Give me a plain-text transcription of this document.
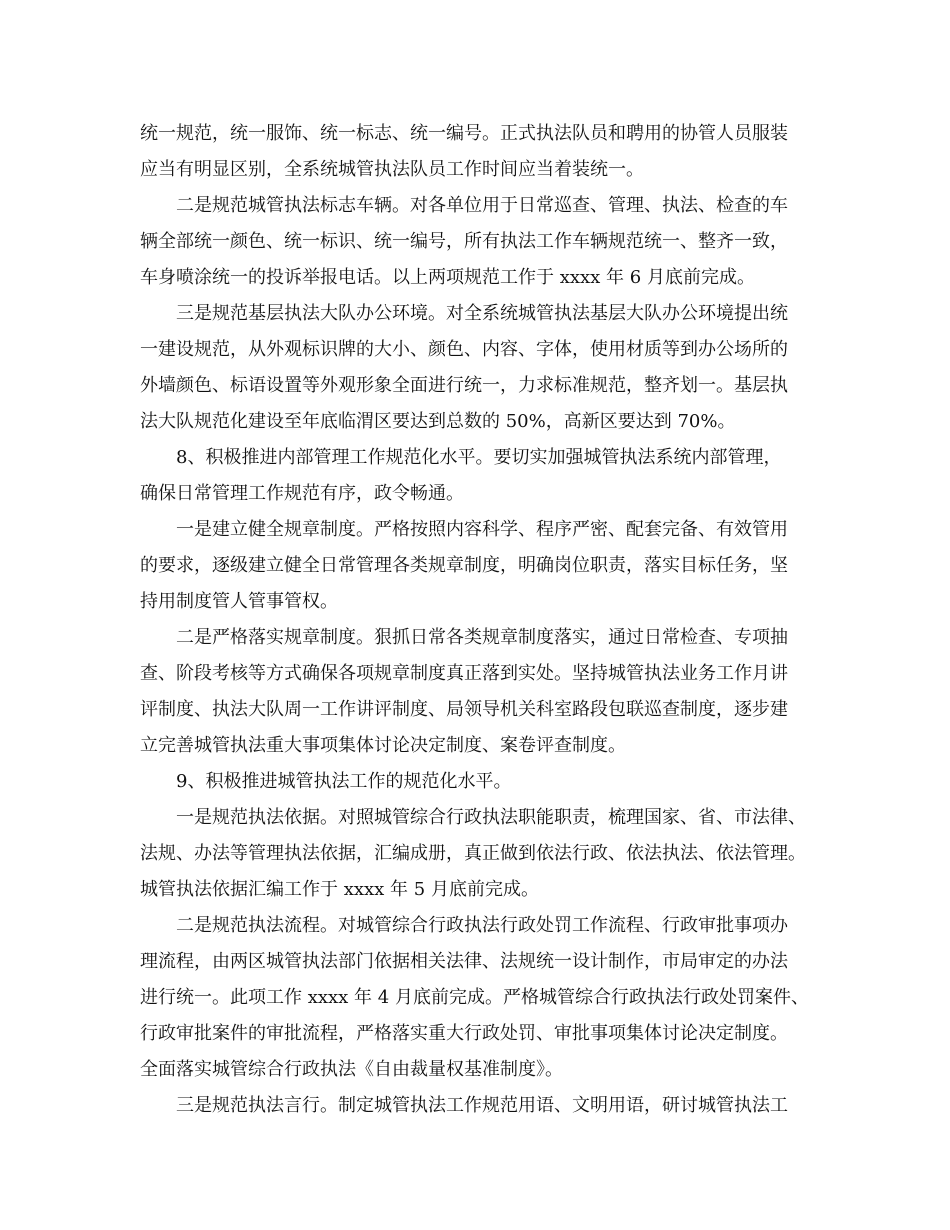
统一规范，统一服饰、统一标志、统一编号。正式执法队员和聘用的协管人员服装
应当有明显区别，全系统城管执法队员工作时间应当着装统一。
二是规范城管执法标志车辆。对各单位用于日常巡查、管理、执法、检查的车
辆全部统一颜色、统一标识、统一编号，所有执法工作车辆规范统一、整齐一致，
车身喷涂统一的投诉举报电话。以上两项规范工作于 xxxx 年 6 月底前完成。
三是规范基层执法大队办公环境。对全系统城管执法基层大队办公环境提出统
一建设规范，从外观标识牌的大小、颜色、内容、字体，使用材质等到办公场所的
外墙颜色、标语设置等外观形象全面进行统一，力求标准规范，整齐划一。基层执
法大队规范化建设至年底临渭区要达到总数的 50%，高新区要达到 70%。
8、积极推进内部管理工作规范化水平。要切实加强城管执法系统内部管理，
确保日常管理工作规范有序，政令畅通。
一是建立健全规章制度。严格按照内容科学、程序严密、配套完备、有效管用
的要求，逐级建立健全日常管理各类规章制度，明确岗位职责，落实目标任务，坚
持用制度管人管事管权。
二是严格落实规章制度。狠抓日常各类规章制度落实，通过日常检查、专项抽
查、阶段考核等方式确保各项规章制度真正落到实处。坚持城管执法业务工作月讲
评制度、执法大队周一工作讲评制度、局领导机关科室路段包联巡查制度，逐步建
立完善城管执法重大事项集体讨论决定制度、案卷评查制度。
9、积极推进城管执法工作的规范化水平。
一是规范执法依据。对照城管综合行政执法职能职责，梳理国家、省、市法律、
法规、办法等管理执法依据，汇编成册，真正做到依法行政、依法执法、依法管理。
城管执法依据汇编工作于 xxxx 年 5 月底前完成。
二是规范执法流程。对城管综合行政执法行政处罚工作流程、行政审批事项办
理流程，由两区城管执法部门依据相关法律、法规统一设计制作，市局审定的办法
进行统一。此项工作 xxxx 年 4 月底前完成。严格城管综合行政执法行政处罚案件、
行政审批案件的审批流程，严格落实重大行政处罚、审批事项集体讨论决定制度。
全面落实城管综合行政执法《自由裁量权基准制度》。
三是规范执法言行。制定城管执法工作规范用语、文明用语，研讨城管执法工
